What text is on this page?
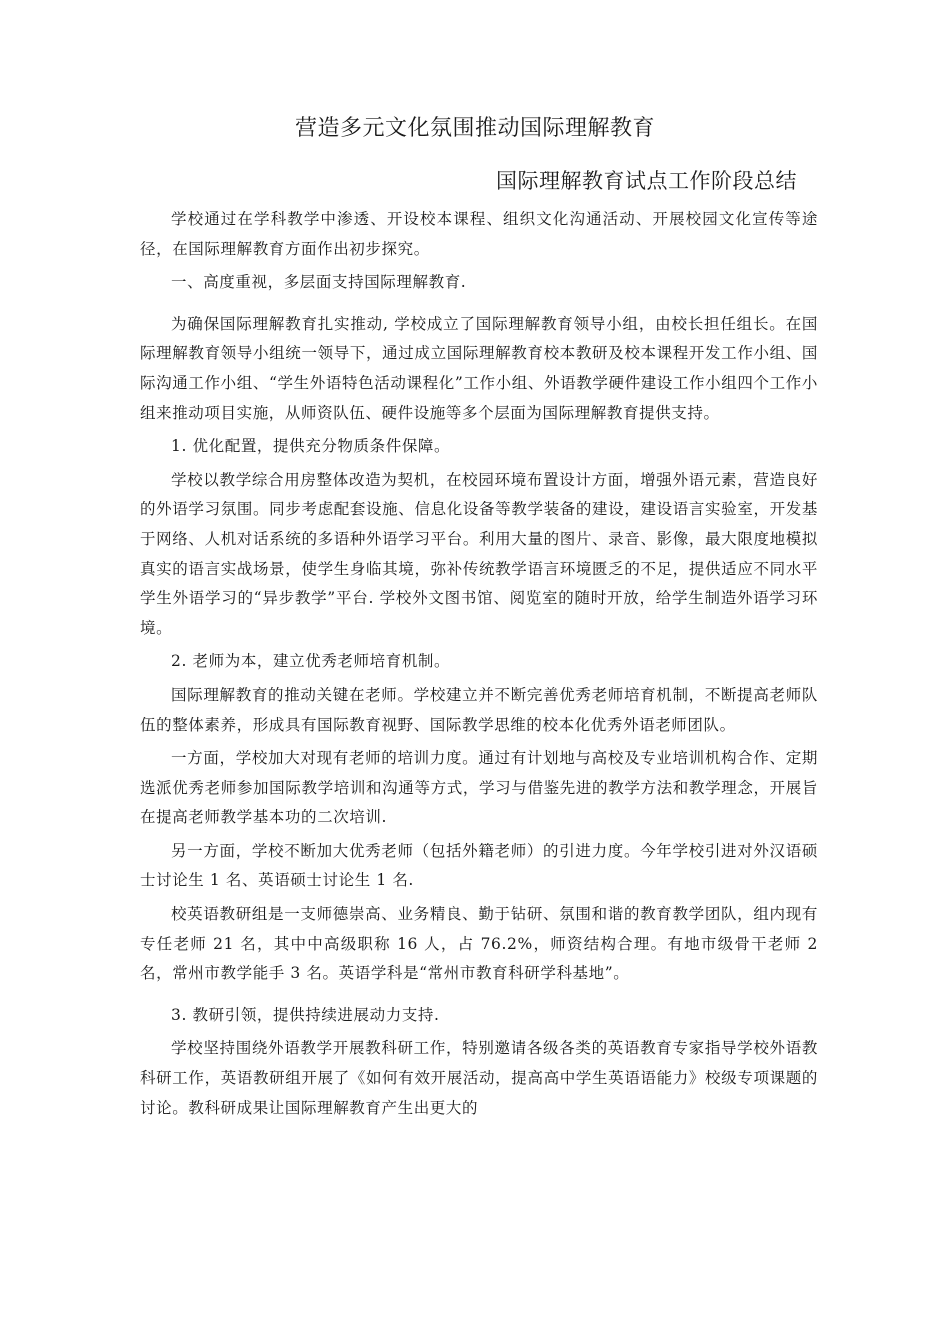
营造多元文化氛围推动国际理解教育
国际理解教育试点工作阶段总结

学校通过在学科教学中渗透、开设校本课程、组织文化沟通活动、开展校园文化宣传等途径，在国际理解教育方面作出初步探究。

一、高度重视，多层面支持国际理解教育.

为确保国际理解教育扎实推动, 学校成立了国际理解教育领导小组，由校长担任组长。在国际理解教育领导小组统一领导下，通过成立国际理解教育校本教研及校本课程开发工作小组、国际沟通工作小组、“学生外语特色活动课程化”工作小组、外语教学硬件建设工作小组四个工作小组来推动项目实施，从师资队伍、硬件设施等多个层面为国际理解教育提供支持。

1. 优化配置，提供充分物质条件保障。

学校以教学综合用房整体改造为契机，在校园环境布置设计方面，增强外语元素，营造良好的外语学习氛围。同步考虑配套设施、信息化设备等教学装备的建设，建设语言实验室，开发基于网络、人机对话系统的多语种外语学习平台。利用大量的图片、录音、影像，最大限度地模拟真实的语言实战场景，使学生身临其境，弥补传统教学语言环境匮乏的不足，提供适应不同水平学生外语学习的“异步教学”平台. 学校外文图书馆、阅览室的随时开放，给学生制造外语学习环境。

2. 老师为本，建立优秀老师培育机制。

国际理解教育的推动关键在老师。学校建立并不断完善优秀老师培育机制，不断提高老师队伍的整体素养，形成具有国际教育视野、国际教学思维的校本化优秀外语老师团队。

一方面，学校加大对现有老师的培训力度。通过有计划地与高校及专业培训机构合作、定期选派优秀老师参加国际教学培训和沟通等方式，学习与借鉴先进的教学方法和教学理念，开展旨在提高老师教学基本功的二次培训.

另一方面，学校不断加大优秀老师（包括外籍老师）的引进力度。今年学校引进对外汉语硕士讨论生 1 名、英语硕士讨论生 1 名.

校英语教研组是一支师德崇高、业务精良、勤于钻研、氛围和谐的教育教学团队，组内现有专任老师 21 名，其中中高级职称 16 人，占 76.2%，师资结构合理。有地市级骨干老师 2 名，常州市教学能手 3 名。英语学科是“常州市教育科研学科基地”。

3. 教研引领，提供持续进展动力支持.

学校坚持围绕外语教学开展教科研工作，特别邀请各级各类的英语教育专家指导学校外语教科研工作，英语教研组开展了《如何有效开展活动，提高高中学生英语语能力》校级专项课题的讨论。教科研成果让国际理解教育产生出更大的
